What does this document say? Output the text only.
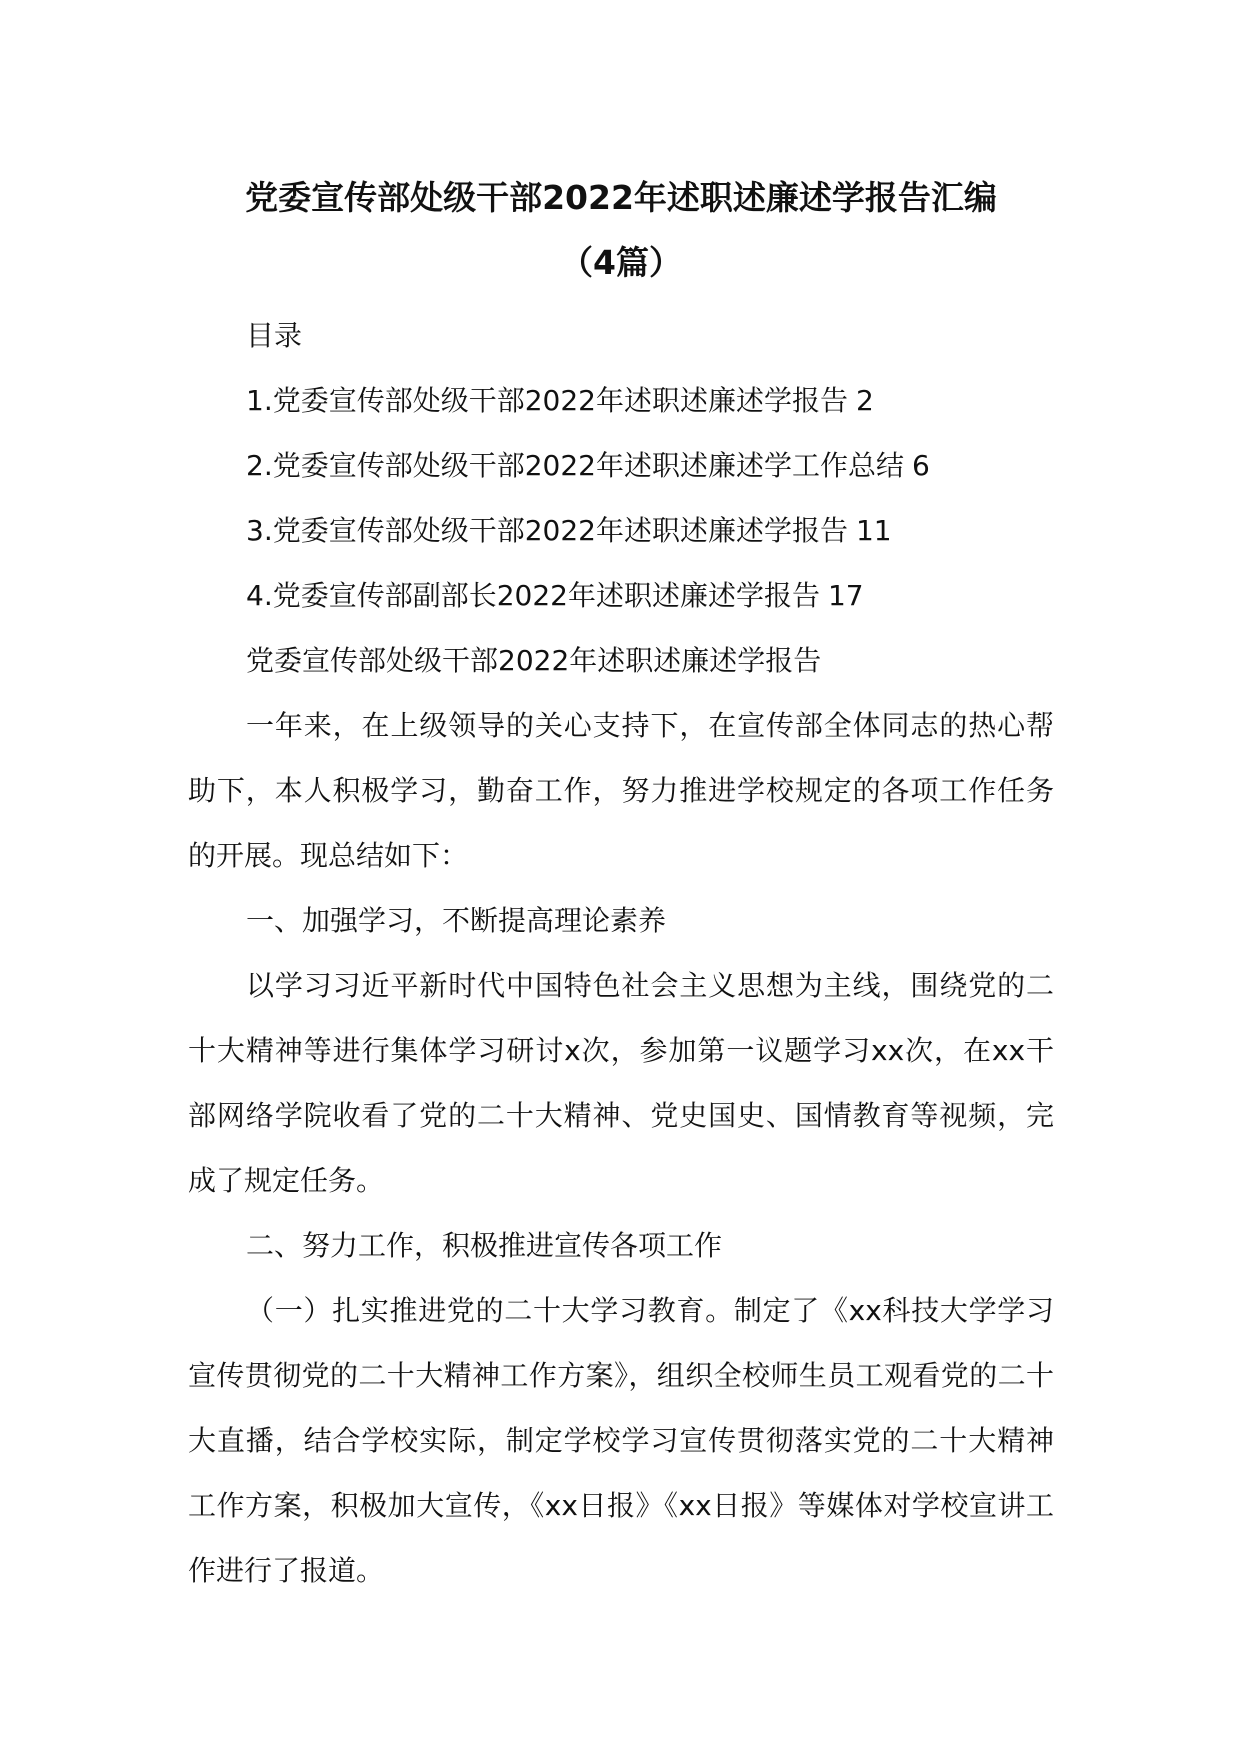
党委宣传部处级干部2022年述职述廉述学报告汇编
（4篇）

目录

1.党委宣传部处级干部2022年述职述廉述学报告 2

2.党委宣传部处级干部2022年述职述廉述学工作总结 6

3.党委宣传部处级干部2022年述职述廉述学报告 11

4.党委宣传部副部长2022年述职述廉述学报告 17

党委宣传部处级干部2022年述职述廉述学报告

一年来，在上级领导的关心支持下，在宣传部全体同志的热心帮助下，本人积极学习，勤奋工作，努力推进学校规定的各项工作任务的开展。现总结如下：

一、加强学习，不断提高理论素养

以学习习近平新时代中国特色社会主义思想为主线，围绕党的二十大精神等进行集体学习研讨x次，参加第一议题学习xx次，在xx干部网络学院收看了党的二十大精神、党史国史、国情教育等视频，完成了规定任务。

二、努力工作，积极推进宣传各项工作

（一）扎实推进党的二十大学习教育。制定了《xx科技大学学习宣传贯彻党的二十大精神工作方案》，组织全校师生员工观看党的二十大直播，结合学校实际，制定学校学习宣传贯彻落实党的二十大精神工作方案，积极加大宣传，《xx日报》《xx日报》等媒体对学校宣讲工作进行了报道。
